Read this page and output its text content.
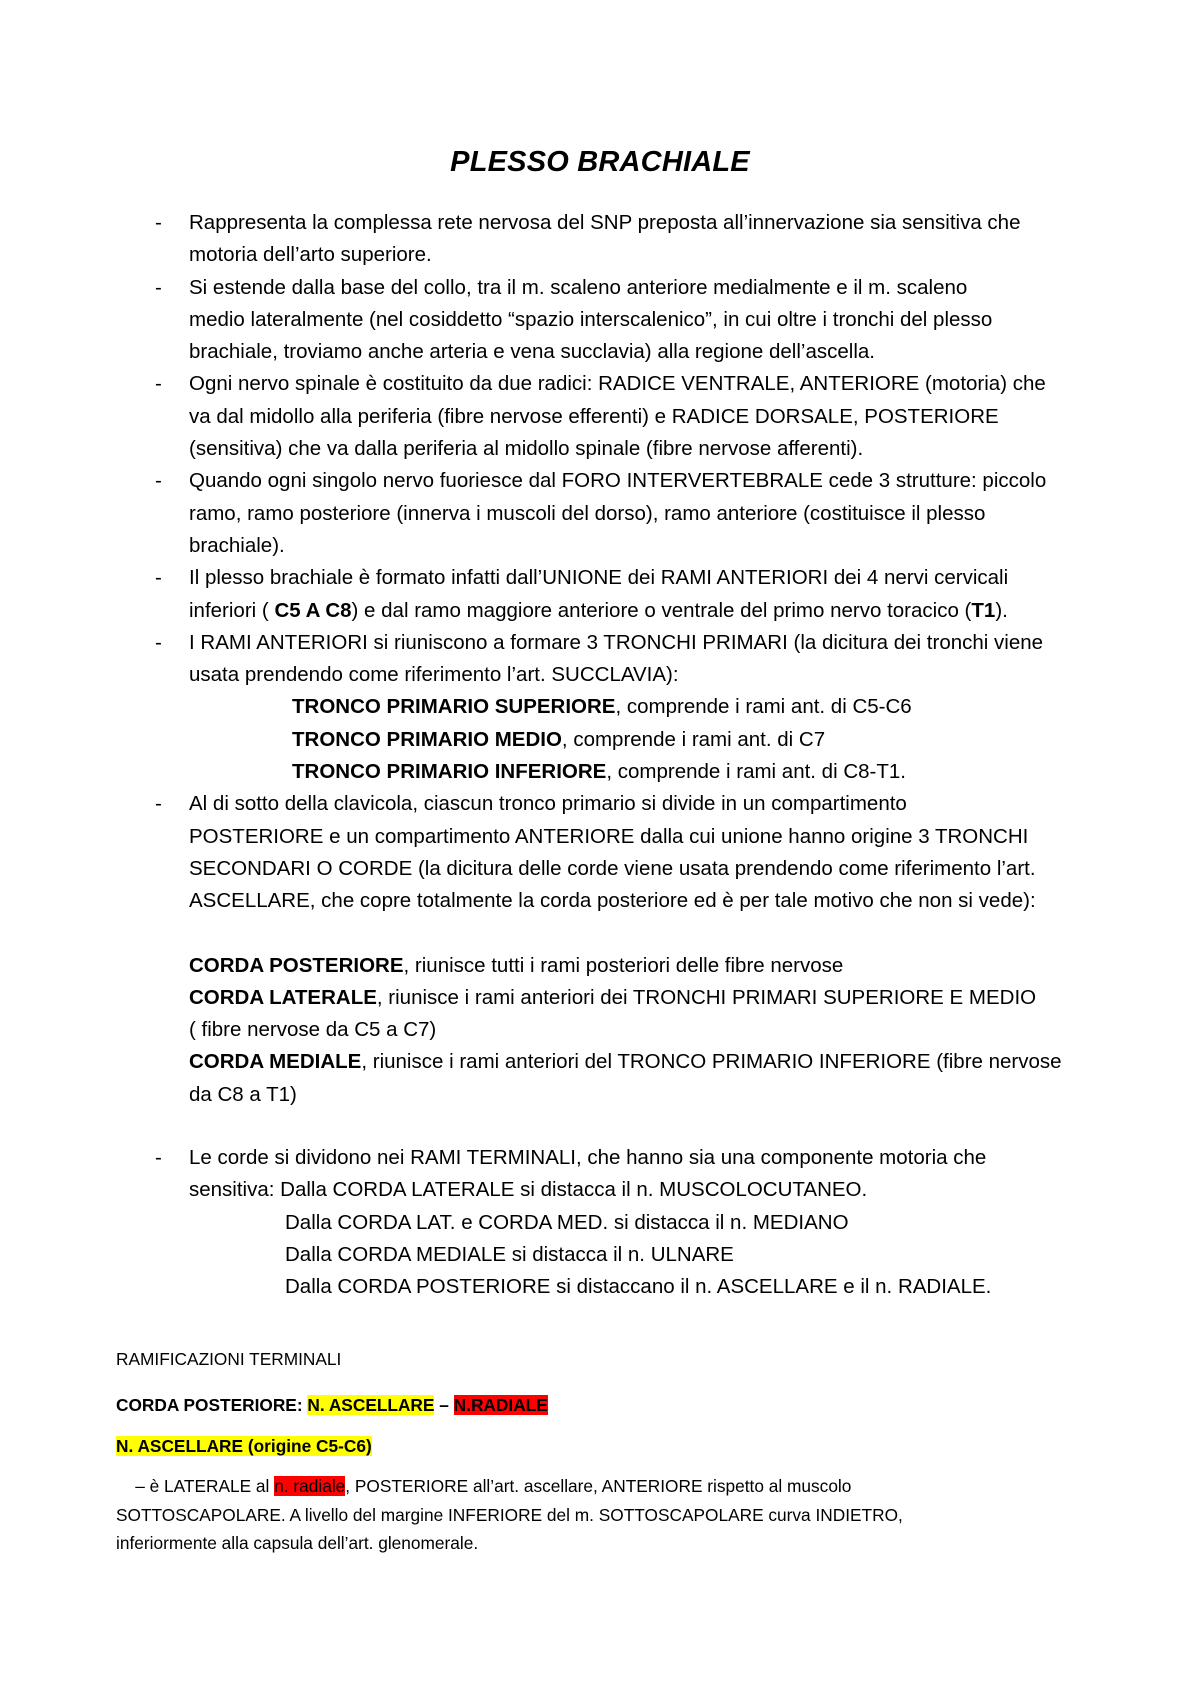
PLESSO BRACHIALE
- Rappresenta la complessa rete nervosa del SNP preposta all’innervazione sia sensitiva che motoria dell’arto superiore.
- Si estende dalla base del collo, tra il m. scaleno anteriore medialmente e il m. scaleno
medio lateralmente (nel cosiddetto “spazio interscalenico”, in cui oltre i tronchi del plesso
brachiale, troviamo anche arteria e vena succlavia) alla regione dell’ascella.
- Ogni nervo spinale è costituito da due radici: RADICE VENTRALE, ANTERIORE (motoria) che
va dal midollo alla periferia (fibre nervose efferenti) e RADICE DORSALE, POSTERIORE
(sensitiva) che va dalla periferia al midollo spinale (fibre nervose afferenti).
- Quando ogni singolo nervo fuoriesce dal FORO INTERVERTEBRALE cede 3 strutture: piccolo
ramo, ramo posteriore (innerva i muscoli del dorso), ramo anteriore (costituisce il plesso
brachiale).
- Il plesso brachiale è formato infatti dall’UNIONE dei RAMI ANTERIORI dei 4 nervi cervicali
inferiori ( C5 A C8) e dal ramo maggiore anteriore o ventrale del primo nervo toracico (T1).
- I RAMI ANTERIORI si riuniscono a formare 3 TRONCHI PRIMARI (la dicitura dei tronchi viene
usata prendendo come riferimento l’art. SUCCLAVIA):
TRONCO PRIMARIO SUPERIORE, comprende i rami ant. di C5-C6
TRONCO PRIMARIO MEDIO, comprende i rami ant. di C7
TRONCO PRIMARIO INFERIORE, comprende i rami ant. di C8-T1.
- Al di sotto della clavicola, ciascun tronco primario si divide in un compartimento
POSTERIORE e un compartimento ANTERIORE dalla cui unione hanno origine 3 TRONCHI
SECONDARI O CORDE (la dicitura delle corde viene usata prendendo come riferimento l’art.
ASCELLARE, che copre totalmente la corda posteriore ed è per tale motivo che non si vede):
CORDA POSTERIORE, riunisce tutti i rami posteriori delle fibre nervose
CORDA LATERALE, riunisce i rami anteriori dei TRONCHI PRIMARI SUPERIORE E MEDIO
( fibre nervose da C5 a C7)
CORDA MEDIALE, riunisce i rami anteriori del TRONCO PRIMARIO INFERIORE (fibre nervose
da C8 a T1)
- Le corde si dividono nei RAMI TERMINALI, che hanno sia una componente motoria che
sensitiva: Dalla CORDA LATERALE si distacca il n. MUSCOLOCUTANEO.
Dalla CORDA LAT. e CORDA MED. si distacca il n. MEDIANO
Dalla CORDA MEDIALE si distacca il n. ULNARE
Dalla CORDA POSTERIORE si distaccano il n. ASCELLARE e il n. RADIALE.
RAMIFICAZIONI TERMINALI
CORDA POSTERIORE: N. ASCELLARE – N.RADIALE
N. ASCELLARE (origine C5-C6)
– è LATERALE al n. radiale, POSTERIORE all’art. ascellare, ANTERIORE rispetto al muscolo
SOTTOSCAPOLARE. A livello del margine INFERIORE del m. SOTTOSCAPOLARE curva INDIETRO,
inferiormente alla capsula dell’art. glenomerale.
